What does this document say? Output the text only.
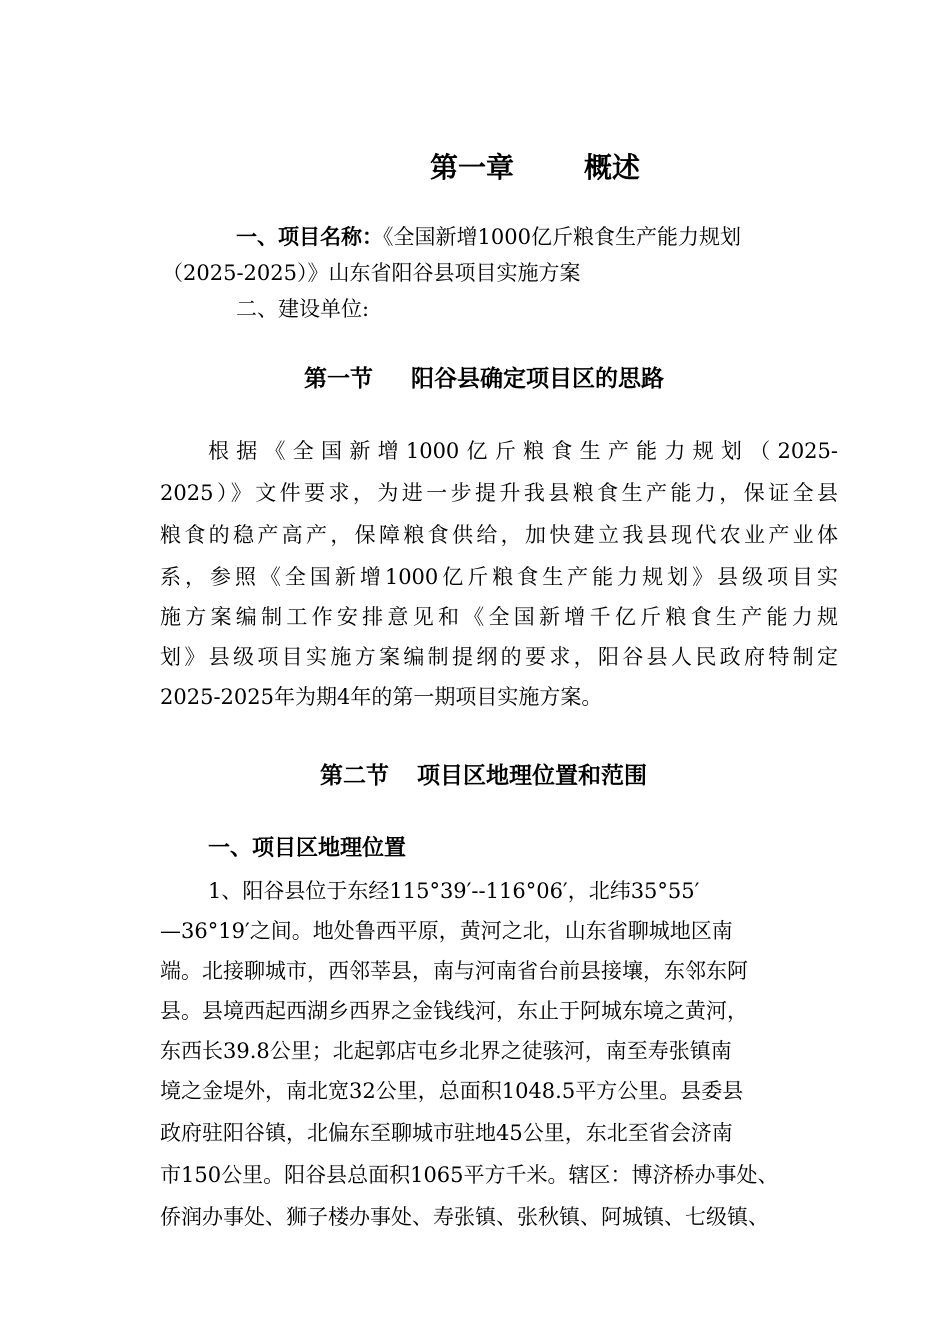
第一章	概述
一、项目名称：《全国新增1000亿斤粮食生产能力规划
（2025-2025）》山东省阳谷县项目实施方案
二、建设单位:
第一节 阳谷县确定项目区的思路
根据《全国新增1000亿斤粮食生产能力规划（2025-
2025）》文件要求，为进一步提升我县粮食生产能力，保证全县
粮食的稳产高产，保障粮食供给，加快建立我县现代农业产业体
系，参照《全国新增1000亿斤粮食生产能力规划》县级项目实
施方案编制工作安排意见和《全国新增千亿斤粮食生产能力规
划》县级项目实施方案编制提纲的要求，阳谷县人民政府特制定
2025-2025年为期4年的第一期项目实施方案。
第二节 项目区地理位置和范围
一、项目区地理位置
1、阳谷县位于东经115°39′--116°06′，北纬35°55′
—36°19′之间。地处鲁西平原，黄河之北，山东省聊城地区南
端。北接聊城市，西邻莘县，南与河南省台前县接壤，东邻东阿
县。县境西起西湖乡西界之金钱线河，东止于阿城东境之黄河，
东西长39.8公里；北起郭店屯乡北界之徒骇河，南至寿张镇南
境之金堤外，南北宽32公里，总面积1048.5平方公里。县委县
政府驻阳谷镇，北偏东至聊城市驻地45公里，东北至省会济南
市150公里。阳谷县总面积1065平方千米。辖区：博济桥办事处、
侨润办事处、狮子楼办事处、寿张镇、张秋镇、阿城镇、七级镇、
